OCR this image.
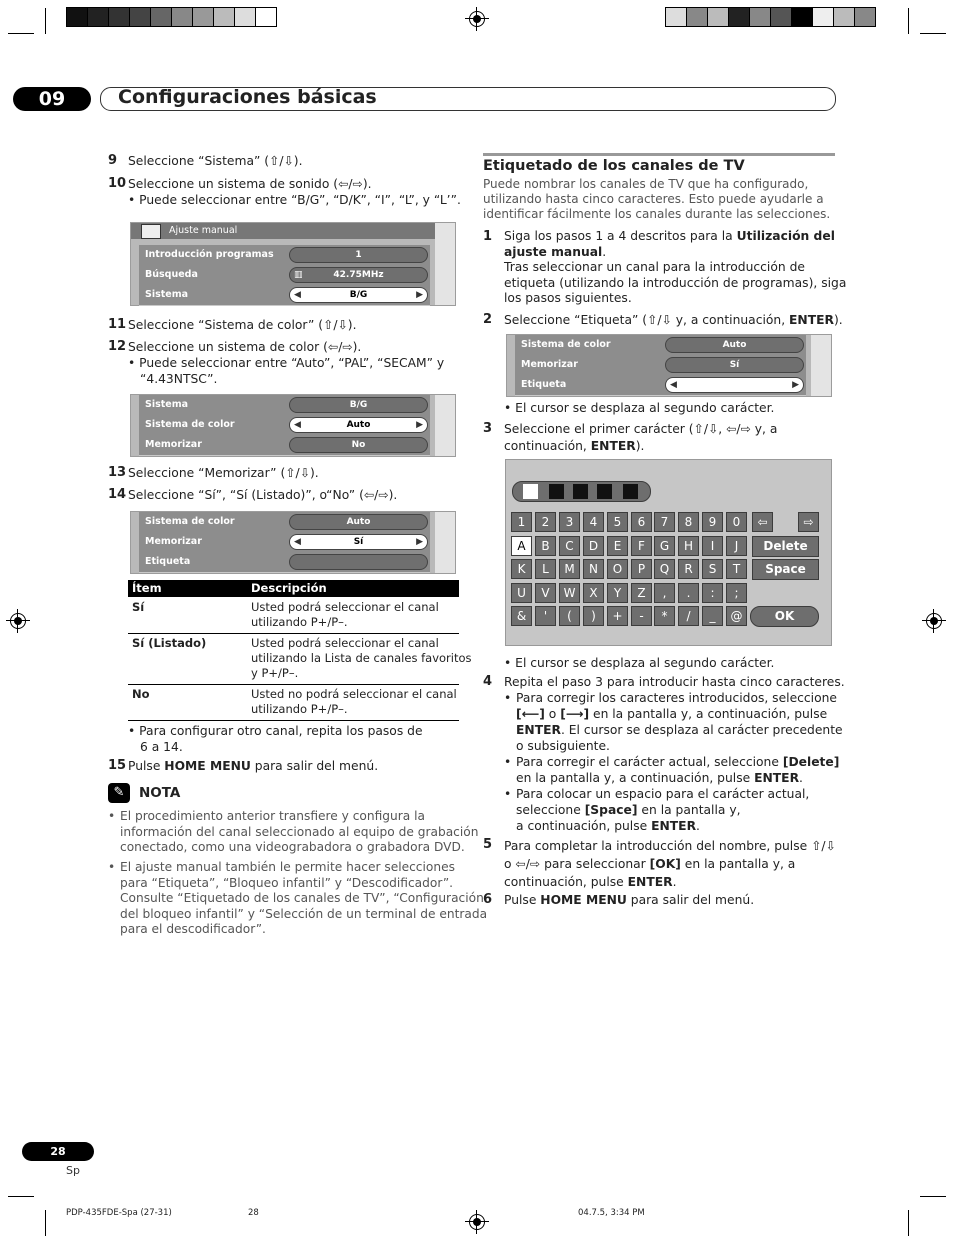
09	Configuraciones básicas
9 Seleccione “Sistema” (⇧/⇩).
10 Seleccione un sistema de sonido (⇦/⇨).
• Puede seleccionar entre “B/G”, “D/K”, “I”, “L”, y “L’”.
Ajuste manual
Introducción programas	1
Búsqueda	▥	42.75MHz
Sistema	◀	B/G	▶
11 Seleccione “Sistema de color” (⇧/⇩).
12 Seleccione un sistema de color (⇦/⇨).
• Puede seleccionar entre “Auto”, “PAL”, “SECAM” y
“4.43NTSC”.
Sistema	B/G
Sistema de color	◀	Auto	▶
Memorizar	No
13 Seleccione “Memorizar” (⇧/⇩).
14 Seleccione “Sí”, “Sí (Listado)”, o“No” (⇦/⇨).
Sistema de color	Auto
Memorizar	◀	Sí	▶
Etiqueta
Ítem	Descripción
Sí	Usted podrá seleccionar el canal
utilizando P+/P–.
Sí (Listado)	Usted podrá seleccionar el canal
utilizando la Lista de canales favoritos
y P+/P–.
No	Usted no podrá seleccionar el canal
utilizando P+/P–.
• Para configurar otro canal, repita los pasos de
6 a 14.
15 Pulse HOME MENU para salir del menú.
✎	NOTA
• El procedimiento anterior transfiere y configura la
información del canal seleccionado al equipo de grabación
conectado, como una videograbadora o grabadora DVD.
• El ajuste manual también le permite hacer selecciones
para “Etiqueta”, “Bloqueo infantil” y “Descodificador”.
Consulte “Etiquetado de los canales de TV”, “Configuración
del bloqueo infantil” y “Selección de un terminal de entrada
para el descodificador”.
Etiquetado de los canales de TV
Puede nombrar los canales de TV que ha configurado,
utilizando hasta cinco caracteres. Esto puede ayudarle a
identificar fácilmente los canales durante las selecciones.
1 Siga los pasos 1 a 4 descritos para la Utilización del
ajuste manual.
Tras seleccionar un canal para la introducción de
etiqueta (utilizando la introducción de programas), siga
los pasos siguientes.
2 Seleccione “Etiqueta” (⇧/⇩ y, a continuación, ENTER).
Sistema de color	Auto
Memorizar	Sí
Etiqueta	◀	▶
• El cursor se desplaza al segundo carácter.
3 Seleccione el primer carácter (⇧/⇩, ⇦/⇨ y, a
continuación, ENTER).
1	2	3	4	5	6	7	8	9	0	⇦	⇨
A	B	C	D	E	F	G	H	I	J	Delete
K	L	M	N	O	P	Q	R	S	T	Space
U	V	W	X	Y	Z	,	.	:	;
&	'	(	)	+	-	*	/	_	@	OK
• El cursor se desplaza al segundo carácter.
4 Repita el paso 3 para introducir hasta cinco caracteres.
• Para corregir los caracteres introducidos, seleccione
[⟵] o [⟶] en la pantalla y, a continuación, pulse
ENTER. El cursor se desplaza al carácter precedente
o subsiguiente.
• Para corregir el carácter actual, seleccione [Delete]
en la pantalla y, a continuación, pulse ENTER.
• Para colocar un espacio para el carácter actual,
seleccione [Space] en la pantalla y,
a continuación, pulse ENTER.
5 Para completar la introducción del nombre, pulse ⇧/⇩
o ⇦/⇨ para seleccionar [OK] en la pantalla y, a
continuación, pulse ENTER.
6 Pulse HOME MENU para salir del menú.
28
Sp
PDP-435FDE-Spa (27-31)	28	04.7.5, 3:34 PM
